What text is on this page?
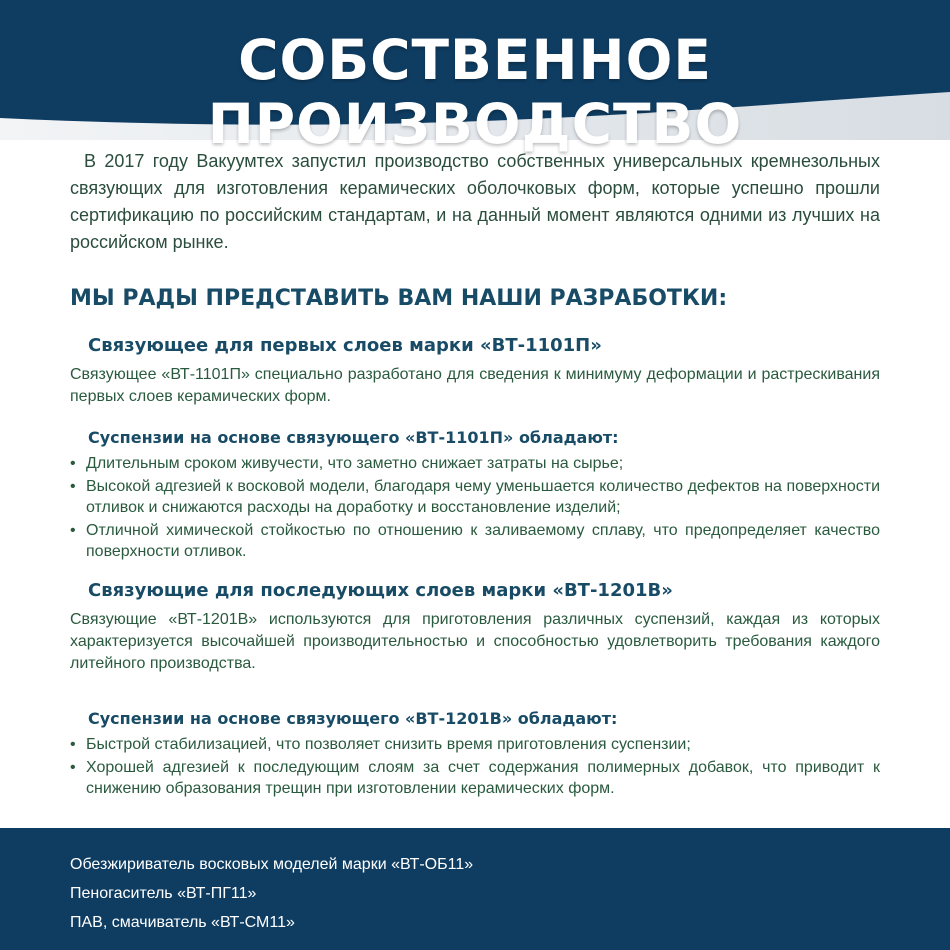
СОБСТВЕННОЕ ПРОИЗВОДСТВО

В 2017 году Вакуумтех запустил производство собственных универсальных кремнезольных связующих для изготовления керамических оболочковых форм, которые успешно прошли сертификацию по российским стандартам, и на данный момент являются одними из лучших на российском рынке.

МЫ РАДЫ ПРЕДСТАВИТЬ ВАМ НАШИ РАЗРАБОТКИ:
Связующее для первых слоев марки «ВТ-1101П»

Связующее «ВТ-1101П» специально разработано для сведения к минимуму деформации и растрескивания первых слоев керамических форм.

Суспензии на основе связующего «ВТ-1101П» обладают:
• Длительным сроком живучести, что заметно снижает затраты на сырье;
• Высокой адгезией к восковой модели, благодаря чему уменьшается количество дефектов на поверхности отливок и снижаются расходы на доработку и восстановление изделий;
• Отличной химической стойкостью по отношению к заливаемому сплаву, что предопределяет качество поверхности отливок.
Связующие для последующих слоев марки «ВТ-1201В»

Связующие «ВТ-1201В» используются для приготовления различных суспензий, каждая из которых характеризуется высочайшей производительностью и способностью удовлетворить требования каждого литейного производства.

Суспензии на основе связующего «ВТ-1201В» обладают:
• Быстрой стабилизацией, что позволяет снизить время приготовления суспензии;
• Хорошей адгезией к последующим слоям за счет содержания полимерных добавок, что приводит к снижению образования трещин при изготовлении керамических форм.
Обезжириватель восковых моделей марки «ВТ-ОБ11»
Пеногаситель «ВТ-ПГ11»
ПАВ, смачиватель «ВТ-СМ11»
